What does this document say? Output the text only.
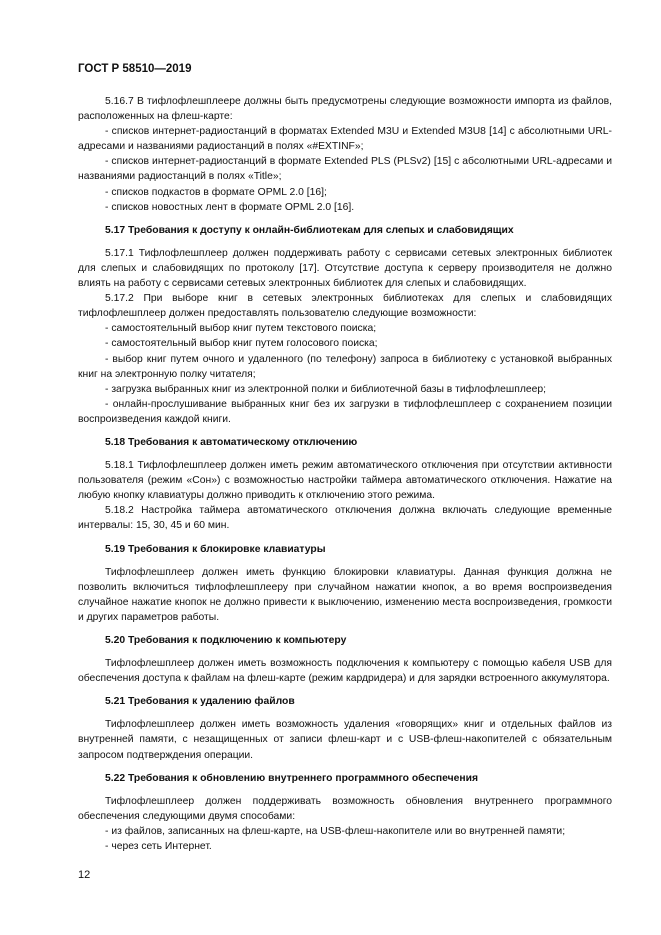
ГОСТ Р 58510—2019

5.16.7 В тифлофлешплеере должны быть предусмотрены следующие возможности импорта из файлов, расположенных на флеш-карте:

- списков интернет-радиостанций в форматах Extended M3U и Extended M3U8 [14] с абсолютными URL-адресами и названиями радиостанций в полях «#EXTINF»;

- списков интернет-радиостанций в формате Extended PLS (PLSv2) [15] с абсолютными URL-адресами и названиями радиостанций в полях «Title»;

- списков подкастов в формате OPML 2.0 [16];

- списков новостных лент в формате OPML 2.0 [16].

5.17 Требования к доступу к онлайн-библиотекам для слепых и слабовидящих

5.17.1 Тифлофлешплеер должен поддерживать работу с сервисами сетевых электронных библиотек для слепых и слабовидящих по протоколу [17]. Отсутствие доступа к серверу производителя не должно влиять на работу с сервисами сетевых электронных библиотек для слепых и слабовидящих.

5.17.2 При выборе книг в сетевых электронных библиотеках для слепых и слабовидящих тифлофлешплеер должен предоставлять пользователю следующие возможности:

- самостоятельный выбор книг путем текстового поиска;

- самостоятельный выбор книг путем голосового поиска;

- выбор книг путем очного и удаленного (по телефону) запроса в библиотеку с установкой выбранных книг на электронную полку читателя;

- загрузка выбранных книг из электронной полки и библиотечной базы в тифлофлешплеер;

- онлайн-прослушивание выбранных книг без их загрузки в тифлофлешплеер с сохранением позиции воспроизведения каждой книги.

5.18 Требования к автоматическому отключению

5.18.1 Тифлофлешплеер должен иметь режим автоматического отключения при отсутствии активности пользователя (режим «Сон») с возможностью настройки таймера автоматического отключения. Нажатие на любую кнопку клавиатуры должно приводить к отключению этого режима.

5.18.2 Настройка таймера автоматического отключения должна включать следующие временные интервалы: 15, 30, 45 и 60 мин.

5.19 Требования к блокировке клавиатуры

Тифлофлешплеер должен иметь функцию блокировки клавиатуры. Данная функция должна не позволить включиться тифлофлешплееру при случайном нажатии кнопок, а во время воспроизведения случайное нажатие кнопок не должно привести к выключению, изменению места воспроизведения, громкости и других параметров работы.

5.20 Требования к подключению к компьютеру

Тифлофлешплеер должен иметь возможность подключения к компьютеру с помощью кабеля USB для обеспечения доступа к файлам на флеш-карте (режим кардридера) и для зарядки встроенного аккумулятора.

5.21 Требования к удалению файлов

Тифлофлешплеер должен иметь возможность удаления «говорящих» книг и отдельных файлов из внутренней памяти, с незащищенных от записи флеш-карт и с USB-флеш-накопителей с обязательным запросом подтверждения операции.

5.22 Требования к обновлению внутреннего программного обеспечения

Тифлофлешплеер должен поддерживать возможность обновления внутреннего программного обеспечения следующими двумя способами:

- из файлов, записанных на флеш-карте, на USB-флеш-накопителе или во внутренней памяти;

- через сеть Интернет.

12
